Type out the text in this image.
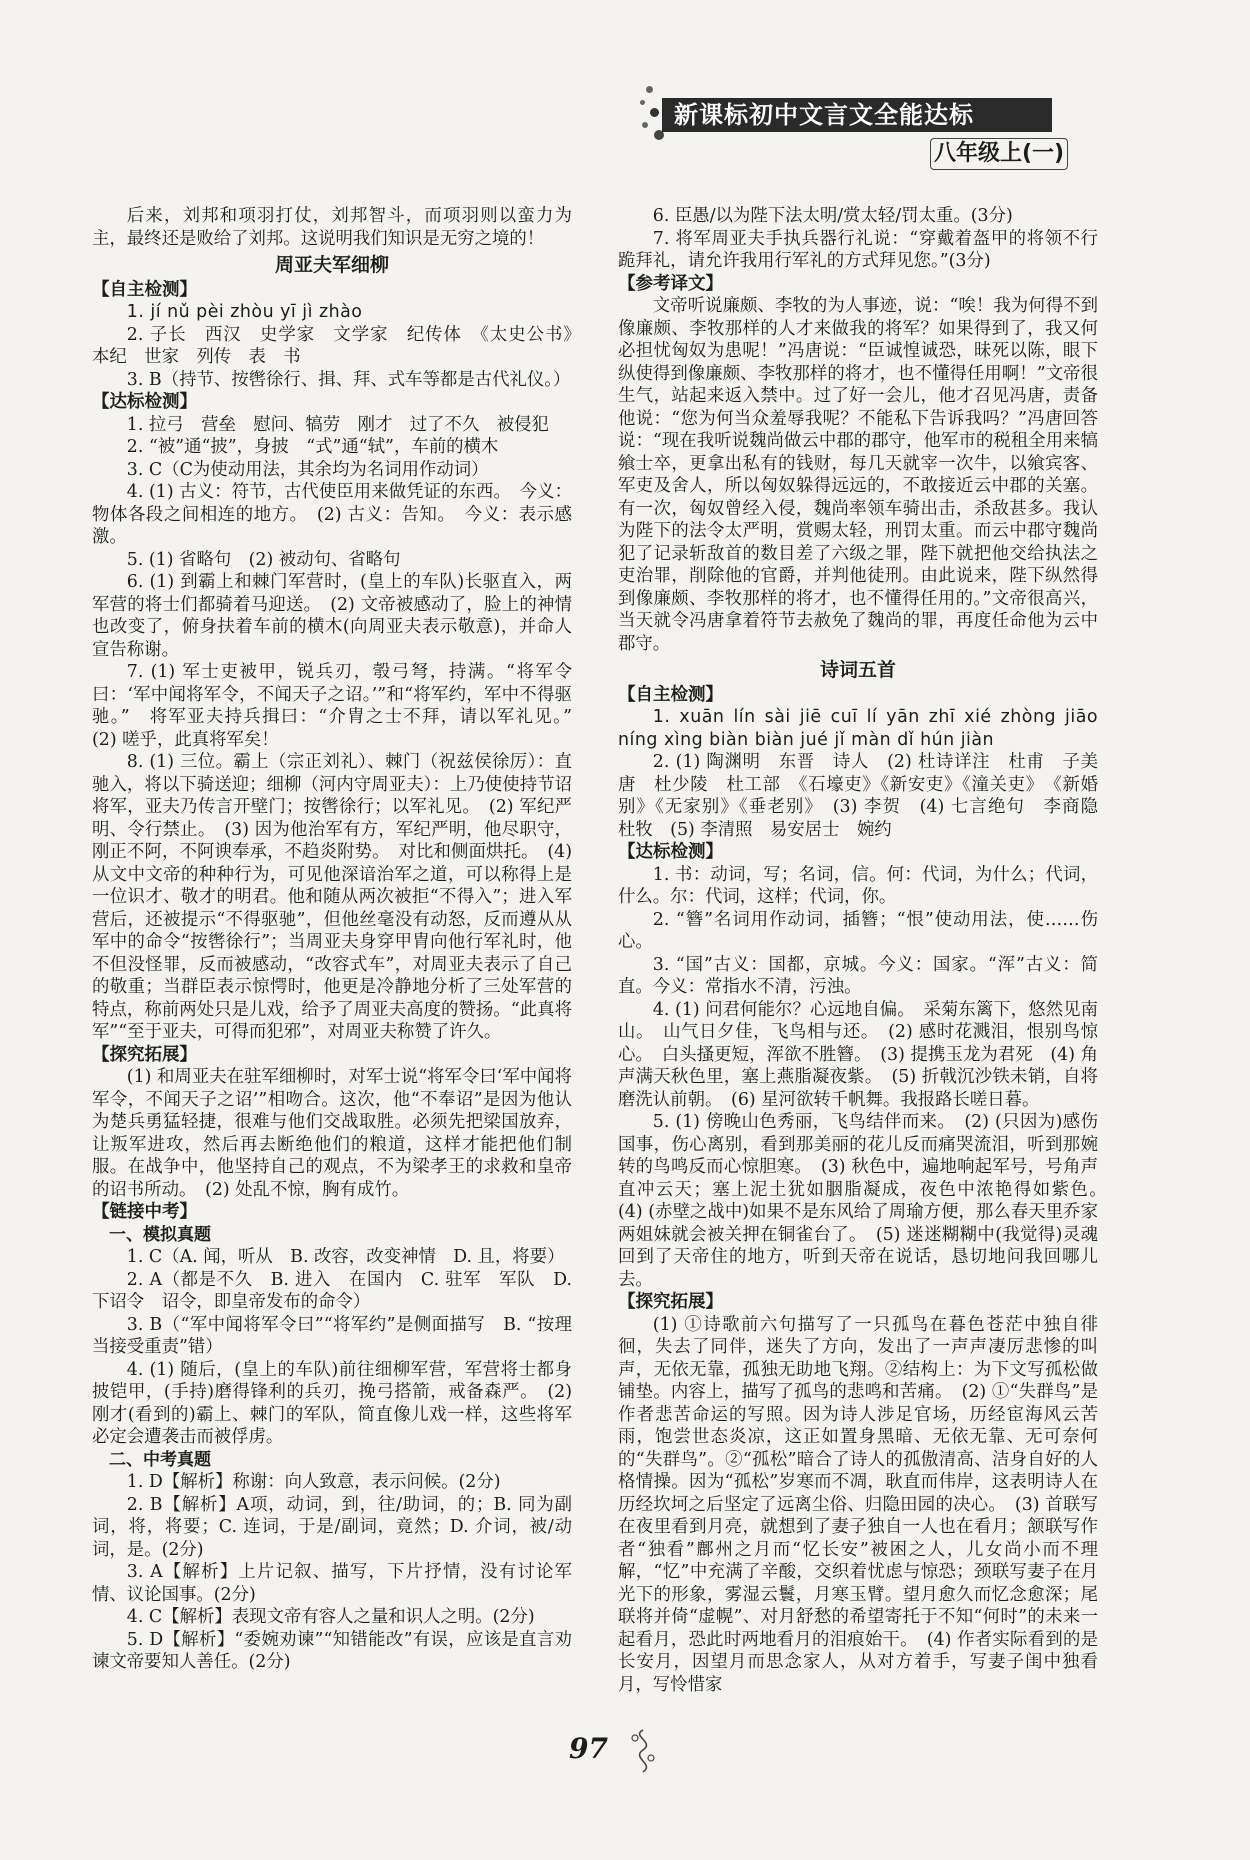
新课标初中文言文全能达标
八年级上(一)

后来，刘邦和项羽打仗，刘邦智斗，而项羽则以蛮力为主，最终还是败给了刘邦。这说明我们知识是无穷之境的！

周亚夫军细柳

【自主检测】

1. jí nǔ pèi zhòu yī jì zhào

2. 子长　西汉　史学家　文学家　纪传体　《太史公书》　本纪　世家　列传　表　书

3. B（持节、按辔徐行、揖、拜、式车等都是古代礼仪。）

【达标检测】

1. 拉弓　营垒　慰问、犒劳　刚才　过了不久　被侵犯

2. “被”通“披”，身披　“式”通“轼”，车前的横木

3. C（C为使动用法，其余均为名词用作动词）

4. (1) 古义：符节，古代使臣用来做凭证的东西。　今义：物体各段之间相连的地方。　(2) 古义：告知。　今义：表示感激。

5. (1) 省略句　(2) 被动句、省略句

6. (1) 到霸上和棘门军营时，(皇上的车队)长驱直入，两军营的将士们都骑着马迎送。　(2) 文帝被感动了，脸上的神情也改变了，俯身扶着车前的横木(向周亚夫表示敬意)，并命人宣告称谢。

7. (1) 军士吏被甲，锐兵刃，彀弓弩，持满。“将军令曰：‘军中闻将军令，不闻天子之诏。’”和“将军约，军中不得驱驰。”　将军亚夫持兵揖曰：“介胄之士不拜，请以军礼见。”　(2) 嗟乎，此真将军矣！

8. (1) 三位。霸上（宗正刘礼）、棘门（祝兹侯徐厉）：直驰入，将以下骑送迎；细柳（河内守周亚夫）：上乃使使持节诏将军，亚夫乃传言开壁门；按辔徐行；以军礼见。　(2) 军纪严明、令行禁止。　(3) 因为他治军有方，军纪严明，他尽职守，刚正不阿，不阿谀奉承，不趋炎附势。　对比和侧面烘托。　(4) 从文中文帝的种种行为，可见他深谙治军之道，可以称得上是一位识才、敬才的明君。他和随从两次被拒“不得入”；进入军营后，还被提示“不得驱驰”，但他丝毫没有动怒，反而遵从从军中的命令“按辔徐行”；当周亚夫身穿甲胄向他行军礼时，他不但没怪罪，反而被感动，“改容式车”，对周亚夫表示了自己的敬重；当群臣表示惊愕时，他更是冷静地分析了三处军营的特点，称前两处只是儿戏，给予了周亚夫高度的赞扬。“此真将军”“至于亚夫，可得而犯邪”，对周亚夫称赞了许久。

【探究拓展】

(1) 和周亚夫在驻军细柳时，对军士说“将军令曰‘军中闻将军令，不闻天子之诏’”相吻合。这次，他“不奉诏”是因为他认为楚兵勇猛轻捷，很难与他们交战取胜。必须先把梁国放弃，让叛军进攻，然后再去断绝他们的粮道，这样才能把他们制服。在战争中，他坚持自己的观点，不为梁孝王的求救和皇帝的诏书所动。　(2) 处乱不惊，胸有成竹。

【链接中考】

一、模拟真题

1. C（A. 闻，听从　B. 改容，改变神情　D. 且，将要）

2. A（都是不久　B. 进入　在国内　C. 驻军　军队　D. 下诏令　诏令，即皇帝发布的命令）

3. B（“军中闻将军令曰”“将军约”是侧面描写　B. “按理当接受重责”错）

4. (1) 随后，(皇上的车队)前往细柳军营，军营将士都身披铠甲，(手持)磨得锋利的兵刃，挽弓搭箭，戒备森严。　(2) 刚才(看到的)霸上、棘门的军队，简直像儿戏一样，这些将军必定会遭袭击而被俘虏。

二、中考真题

1. D【解析】称谢：向人致意，表示问候。(2分)

2. B【解析】A项，动词，到，往/助词，的；B. 同为副词，将，将要；C. 连词，于是/副词，竟然；D. 介词，被/动词，是。(2分)

3. A【解析】上片记叙、描写，下片抒情，没有讨论军情、议论国事。(2分)

4. C【解析】表现文帝有容人之量和识人之明。(2分)

5. D【解析】“委婉劝谏”“知错能改”有误，应该是直言劝谏文帝要知人善任。(2分)

6. 臣愚/以为陛下法太明/赏太轻/罚太重。(3分)

7. 将军周亚夫手执兵器行礼说：“穿戴着盔甲的将领不行跪拜礼，请允许我用行军礼的方式拜见您。”(3分)

【参考译文】

文帝听说廉颇、李牧的为人事迹，说：“唉！我为何得不到像廉颇、李牧那样的人才来做我的将军？如果得到了，我又何必担忧匈奴为患呢！”冯唐说：“臣诚惶诚恐，昧死以陈，眼下纵使得到像廉颇、李牧那样的将才，也不懂得任用啊！”文帝很生气，站起来返入禁中。过了好一会儿，他才召见冯唐，责备他说：“您为何当众羞辱我呢？不能私下告诉我吗？”冯唐回答说：“现在我听说魏尚做云中郡的郡守，他军市的税租全用来犒飨士卒，更拿出私有的钱财，每几天就宰一次牛，以飨宾客、军吏及舍人，所以匈奴躲得远远的，不敢接近云中郡的关塞。有一次，匈奴曾经入侵，魏尚率领车骑出击，杀敌甚多。我认为陛下的法令太严明，赏赐太轻，刑罚太重。而云中郡守魏尚犯了记录斩敌首的数目差了六级之罪，陛下就把他交给执法之吏治罪，削除他的官爵，并判他徒刑。由此说来，陛下纵然得到像廉颇、李牧那样的将才，也不懂得任用的。”文帝很高兴，当天就令冯唐拿着符节去赦免了魏尚的罪，再度任命他为云中郡守。

诗词五首

【自主检测】

1. xuān lín sài jiē cuī lí yān zhī xié zhòng jiāo níng xìng biàn biàn jué jǐ màn dǐ hún jiàn

2. (1) 陶渊明　东晋　诗人　(2) 杜诗详注　杜甫　子美　唐　杜少陵　杜工部　《石壕吏》《新安吏》《潼关吏》　《新婚别》《无家别》《垂老别》　(3) 李贺　(4) 七言绝句　李商隐　杜牧　(5) 李清照　易安居士　婉约

【达标检测】

1. 书：动词，写；名词，信。何：代词，为什么；代词，什么。尔：代词，这样；代词，你。

2. “簪”名词用作动词，插簪；“恨”使动用法，使……伤心。

3. “国”古义：国都，京城。今义：国家。“浑”古义：简直。今义：常指水不清，污浊。

4. (1) 问君何能尔？心远地自偏。　采菊东篱下，悠然见南山。　山气日夕佳，飞鸟相与还。　(2) 感时花溅泪，恨别鸟惊心。　白头搔更短，浑欲不胜簪。　(3) 提携玉龙为君死　(4) 角声满天秋色里，塞上燕脂凝夜紫。　(5) 折戟沉沙铁未销，自将磨洗认前朝。　(6) 星河欲转千帆舞。我报路长嗟日暮。

5. (1) 傍晚山色秀丽，飞鸟结伴而来。　(2) (只因为)感伤国事，伤心离别，看到那美丽的花儿反而痛哭流泪，听到那婉转的鸟鸣反而心惊胆寒。　(3) 秋色中，遍地响起军号，号角声直冲云天；塞上泥土犹如胭脂凝成，夜色中浓艳得如紫色。　(4) (赤壁之战中)如果不是东风给了周瑜方便，那么春天里乔家两姐妹就会被关押在铜雀台了。　(5) 迷迷糊糊中(我觉得)灵魂回到了天帝住的地方，听到天帝在说话，恳切地问我回哪儿去。

【探究拓展】

(1) ①诗歌前六句描写了一只孤鸟在暮色苍茫中独自徘徊，失去了同伴，迷失了方向，发出了一声声凄厉悲惨的叫声，无依无靠，孤独无助地飞翔。②结构上：为下文写孤松做铺垫。内容上，描写了孤鸟的悲鸣和苦痛。　(2) ①“失群鸟”是作者悲苦命运的写照。因为诗人涉足官场，历经宦海风云苦雨，饱尝世态炎凉，这正如置身黑暗、无依无靠、无可奈何的“失群鸟”。②“孤松”暗合了诗人的孤傲清高、洁身自好的人格情操。因为“孤松”岁寒而不凋，耿直而伟岸，这表明诗人在历经坎坷之后坚定了远离尘俗、归隐田园的决心。　(3) 首联写在夜里看到月亮，就想到了妻子独自一人也在看月；颔联写作者“独看”鄜州之月而“忆长安”被困之人，儿女尚小而不理解，“忆”中充满了辛酸，交织着忧虑与惊恐；颈联写妻子在月光下的形象，雾湿云鬟，月寒玉臂。望月愈久而忆念愈深；尾联将并倚“虚幌”、对月舒愁的希望寄托于不知“何时”的未来一起看月，恐此时两地看月的泪痕始干。　(4) 作者实际看到的是长安月，因望月而思念家人，从对方着手，写妻子闺中独看月，写怜惜家

97
